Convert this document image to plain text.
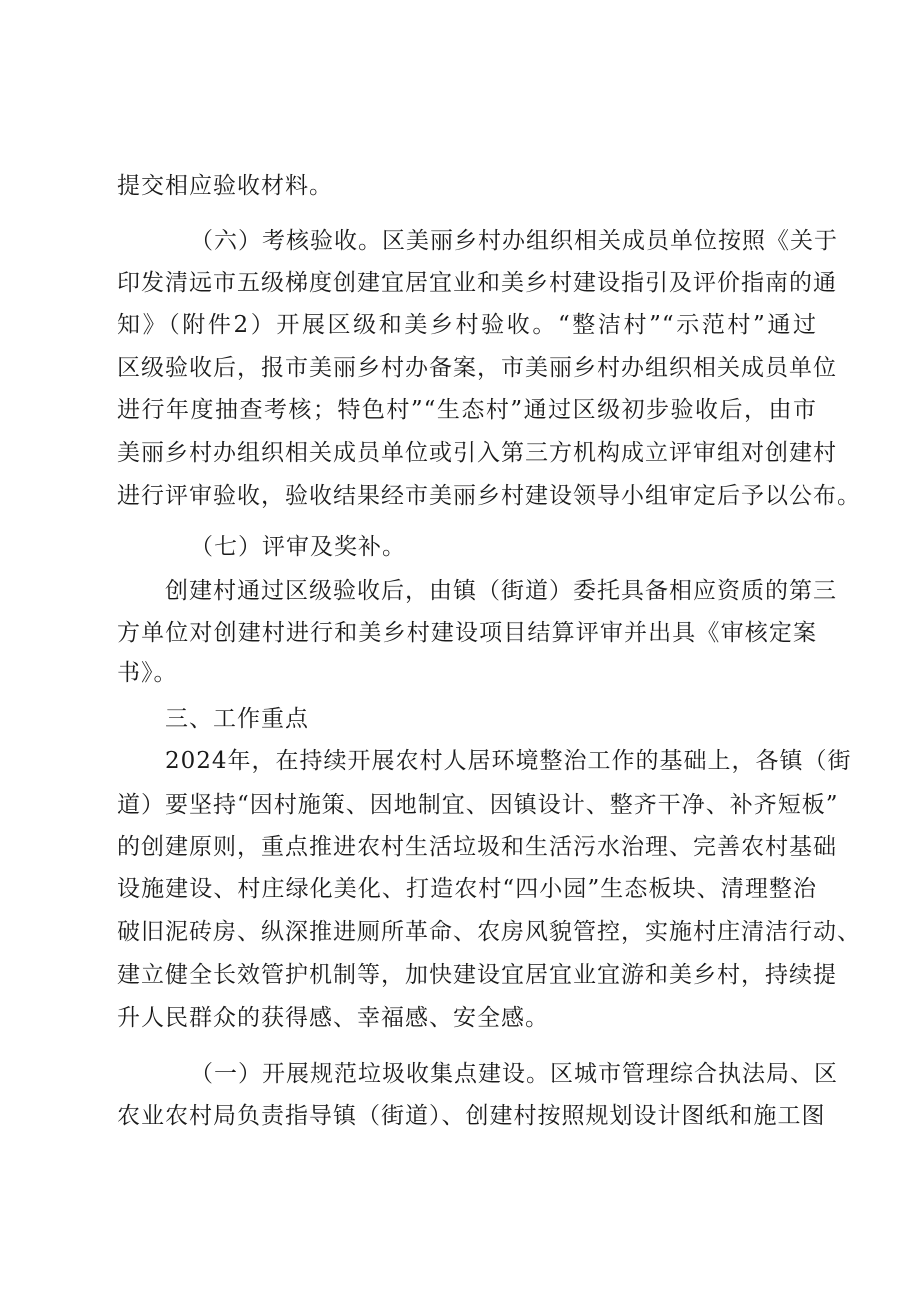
提交相应验收材料。
（六）考核验收。区美丽乡村办组织相关成员单位按照《关于
印发清远市五级梯度创建宜居宜业和美乡村建设指引及评价指南的通
知》（附件2）开展区级和美乡村验收。“整洁村”“示范村”通过
区级验收后，报市美丽乡村办备案，市美丽乡村办组织相关成员单位
进行年度抽查考核；特色村”“生态村”通过区级初步验收后，由市
美丽乡村办组织相关成员单位或引入第三方机构成立评审组对创建村
进行评审验收，验收结果经市美丽乡村建设领导小组审定后予以公布。
（七）评审及奖补。
创建村通过区级验收后，由镇（街道）委托具备相应资质的第三
方单位对创建村进行和美乡村建设项目结算评审并出具《审核定案
书》。
三、工作重点
2024年，在持续开展农村人居环境整治工作的基础上，各镇（街
道）要坚持“因村施策、因地制宜、因镇设计、整齐干净、补齐短板”
的创建原则，重点推进农村生活垃圾和生活污水治理、完善农村基础
设施建设、村庄绿化美化、打造农村“四小园”生态板块、清理整治
破旧泥砖房、纵深推进厕所革命、农房风貌管控，实施村庄清洁行动、
建立健全长效管护机制等，加快建设宜居宜业宜游和美乡村，持续提
升人民群众的获得感、幸福感、安全感。
（一）开展规范垃圾收集点建设。区城市管理综合执法局、区
农业农村局负责指导镇（街道）、创建村按照规划设计图纸和施工图
